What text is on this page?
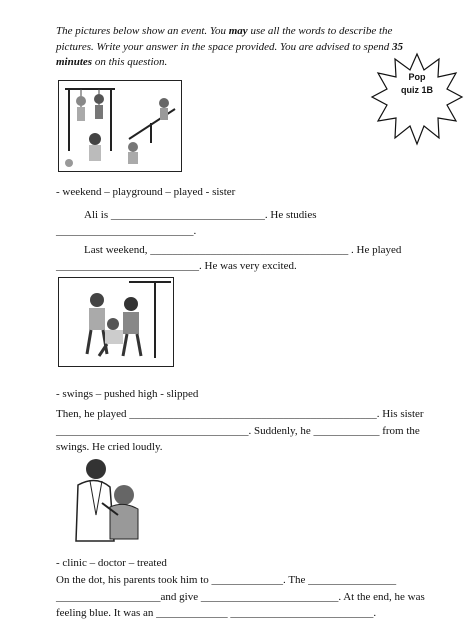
The pictures below show an event. You may use all the words to describe the pictures. Write your answer in the space provided. You are advised to spend 35
minutes on this question.
Pop
quiz 1B
- weekend – playground – played - sister
Ali is ____________________________. He studies
_________________________.
Last weekend, ____________________________________ . He played
__________________________. He was very excited.
- swings – pushed high - slipped
Then, he played _____________________________________________. His sister
___________________________________. Suddenly, he ____________ from the
swings. He cried loudly.
- clinic – doctor – treated
On the dot, his parents took him to _____________. The ________________
___________________and give _________________________. At the end, he was
feeling blue. It was an _____________ __________________________.
